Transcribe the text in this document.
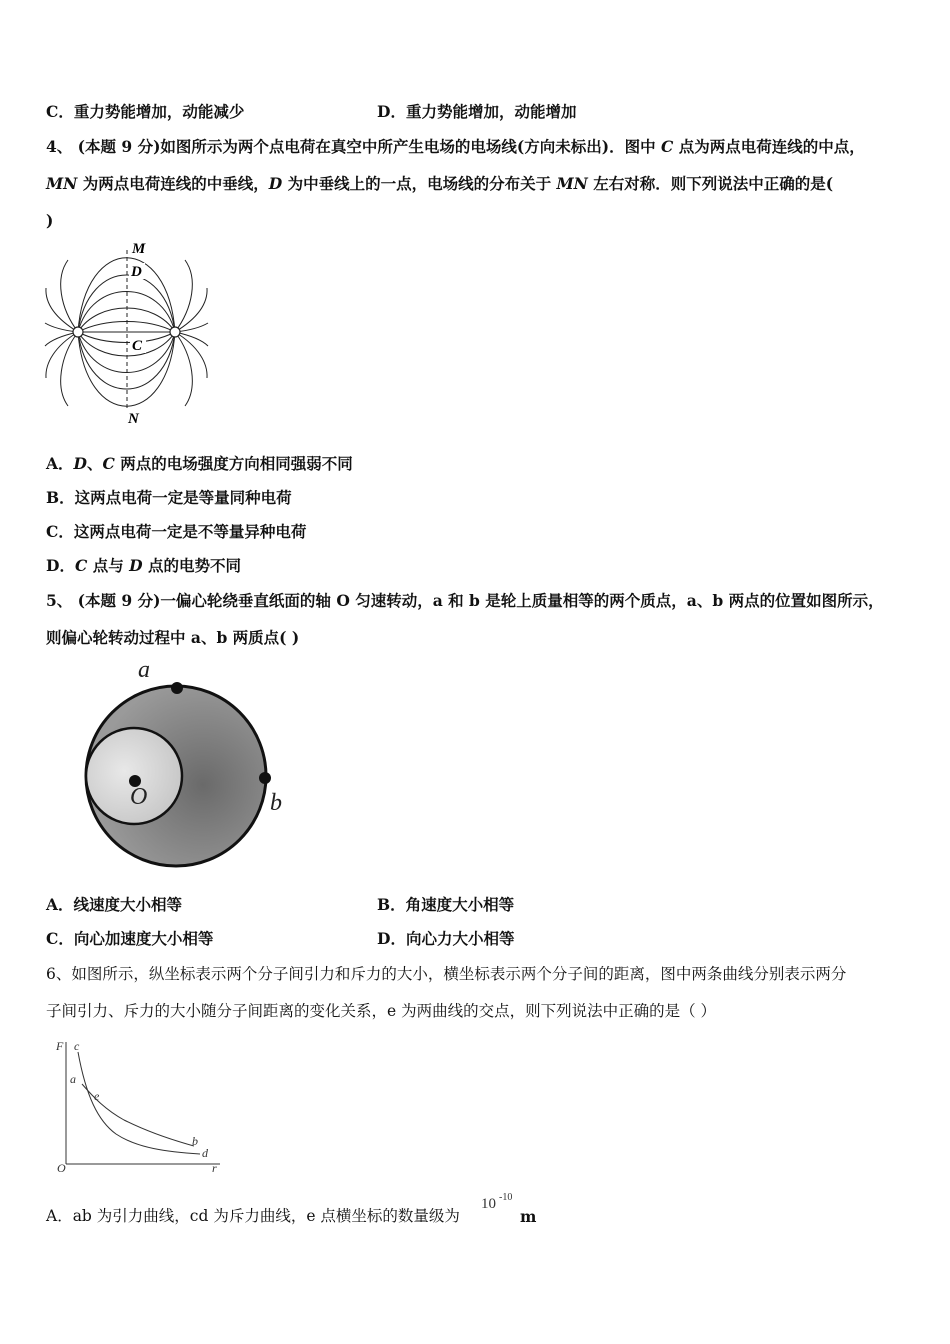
C．重力势能增加，动能减少	D．重力势能增加，动能增加
4、 (本题 9 分)如图所示为两个点电荷在真空中所产生电场的电场线(方向未标出)．图中 C 点为两点电荷连线的中点，
MN 为两点电荷连线的中垂线，D 为中垂线上的一点，电场线的分布关于 MN 左右对称．则下列说法中正确的是(
)
M
D
C
N
A．D、C 两点的电场强度方向相同强弱不同
B．这两点电荷一定是等量同种电荷
C．这两点电荷一定是不等量异种电荷
D．C 点与 D 点的电势不同
5、 (本题 9 分)一偏心轮绕垂直纸面的轴 O 匀速转动，a 和 b 是轮上质量相等的两个质点，a、b 两点的位置如图所示，
则偏心轮转动过程中 a、b 两质点( )
a
b
O
A．线速度大小相等	B．角速度大小相等
C．向心加速度大小相等	D．向心力大小相等
6、如图所示，纵坐标表示两个分子间引力和斥力的大小，横坐标表示两个分子间的距离，图中两条曲线分别表示两分
子间引力、斥力的大小随分子间距离的变化关系，e 为两曲线的交点，则下列说法中正确的是（ ）
F c
a
e
b
d
O	r
A．ab 为引力曲线，cd 为斥力曲线，e 点横坐标的数量级为
10 -10
m
